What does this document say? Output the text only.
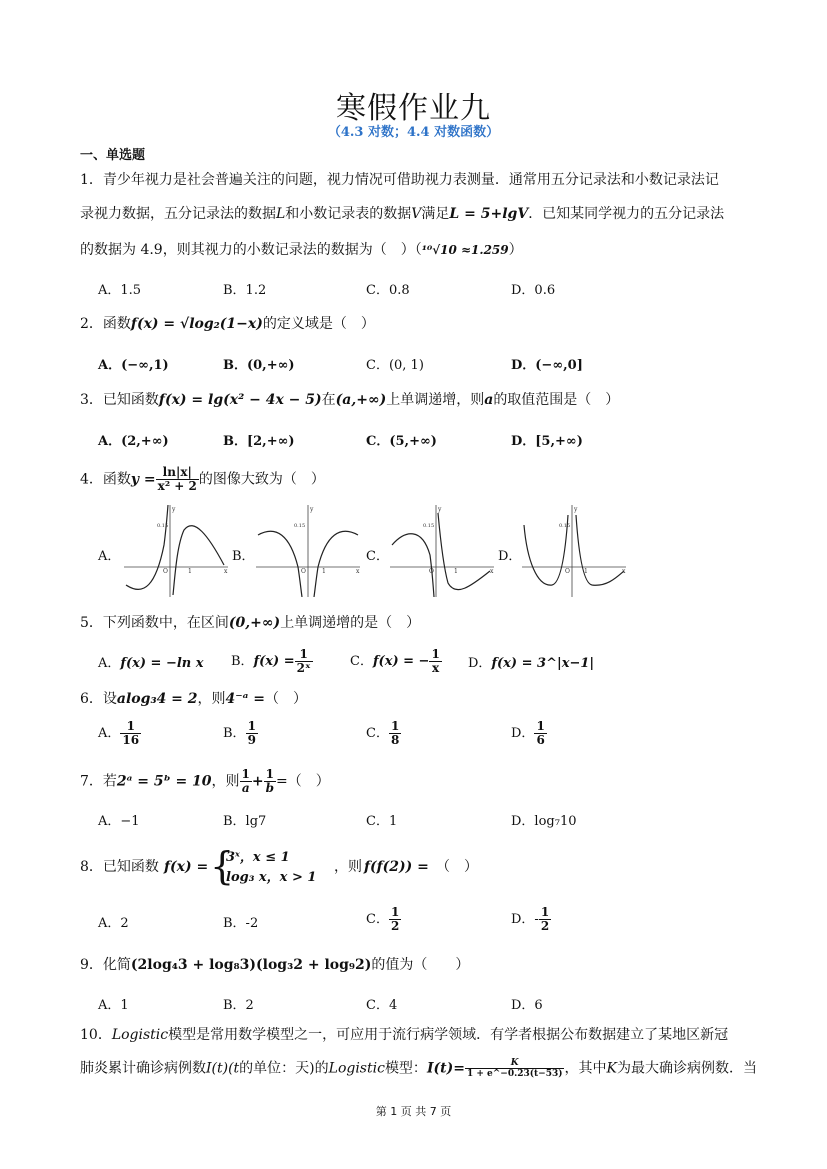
寒假作业九
（4.3 对数；4.4 对数函数）
一、单选题
1．青少年视力是社会普遍关注的问题，视力情况可借助视力表测量．通常用五分记录法和小数记录法记
录视力数据，五分记录法的数据L和小数记录表的数据V满足L = 5+lgV．已知某同学视力的五分记录法
的数据为 4.9，则其视力的小数记录法的数据为（　）（¹⁰√10 ≈1.259）
A．1.5	B．1.2	C．0.8	D．0.6
2．函数f(x) = √log₂(1−x)的定义域是（　）
A．(−∞,1)	B．(0,+∞)	C．(0, 1)	D．(−∞,0]
3．已知函数f(x) = lg(x² − 4x − 5)在(a,+∞)上单调递增，则a的取值范围是（　）
A．(2,+∞)	B．[2,+∞)	C．(5,+∞)	D．[5,+∞)
4．函数$y = \frac{\ln|x|}{\text{x² + 2}}$ 的图像大致为（　）
A．	B．	C．	D．
y
x
O	1
0.15
y
x
O	1
0.15
y
x
O	1
0.15
y
x
O 1
0.15
5．下列函数中，在区间(0,+∞)上单调递增的是（　）
A．f(x) = −ln x B．$f(x) = \frac{1}{\text{2ˣ}}$	C．f(x) = − $\frac{1}{x}$ D．f(x) = 3^|x−1|
6．设alog₃4 = 2，则4⁻ᵃ =（　）
A． $\frac{1}{16}$	B． $\frac{1}{9}$	C． $\frac{1}{8}$	D． $\frac{1}{6}$
7．若2ᵃ = 5ᵇ = 10，则 $\frac{1}{a} + \frac{1}{b}$ =（　）
A．−1	B．lg7	C．1	D．log₇10
8．已知函数 f(x) = {
3ˣ，x ≤ 1
log₃ x，x > 1
，则 f(f(2)) = （　）
A．2	B．-2	C． $\frac{1}{2}$	D．- $\frac{1}{2}$
9．化简(2log₄3 + log₈3)(log₃2 + log₉2)的值为（　　）
A．1	B．2	C．4	D．6
10．Logistic模型是常用数学模型之一，可应用于流行病学领域．有学者根据公布数据建立了某地区新冠
肺炎累计确诊病例数I(t)(t的单位：天)的Logistic模型：$I(t)= \frac{K}{1 + e\^{}-0.23(t-53)}$ ，其中K为最大确诊病例数．当
第 1 页 共 7 页
